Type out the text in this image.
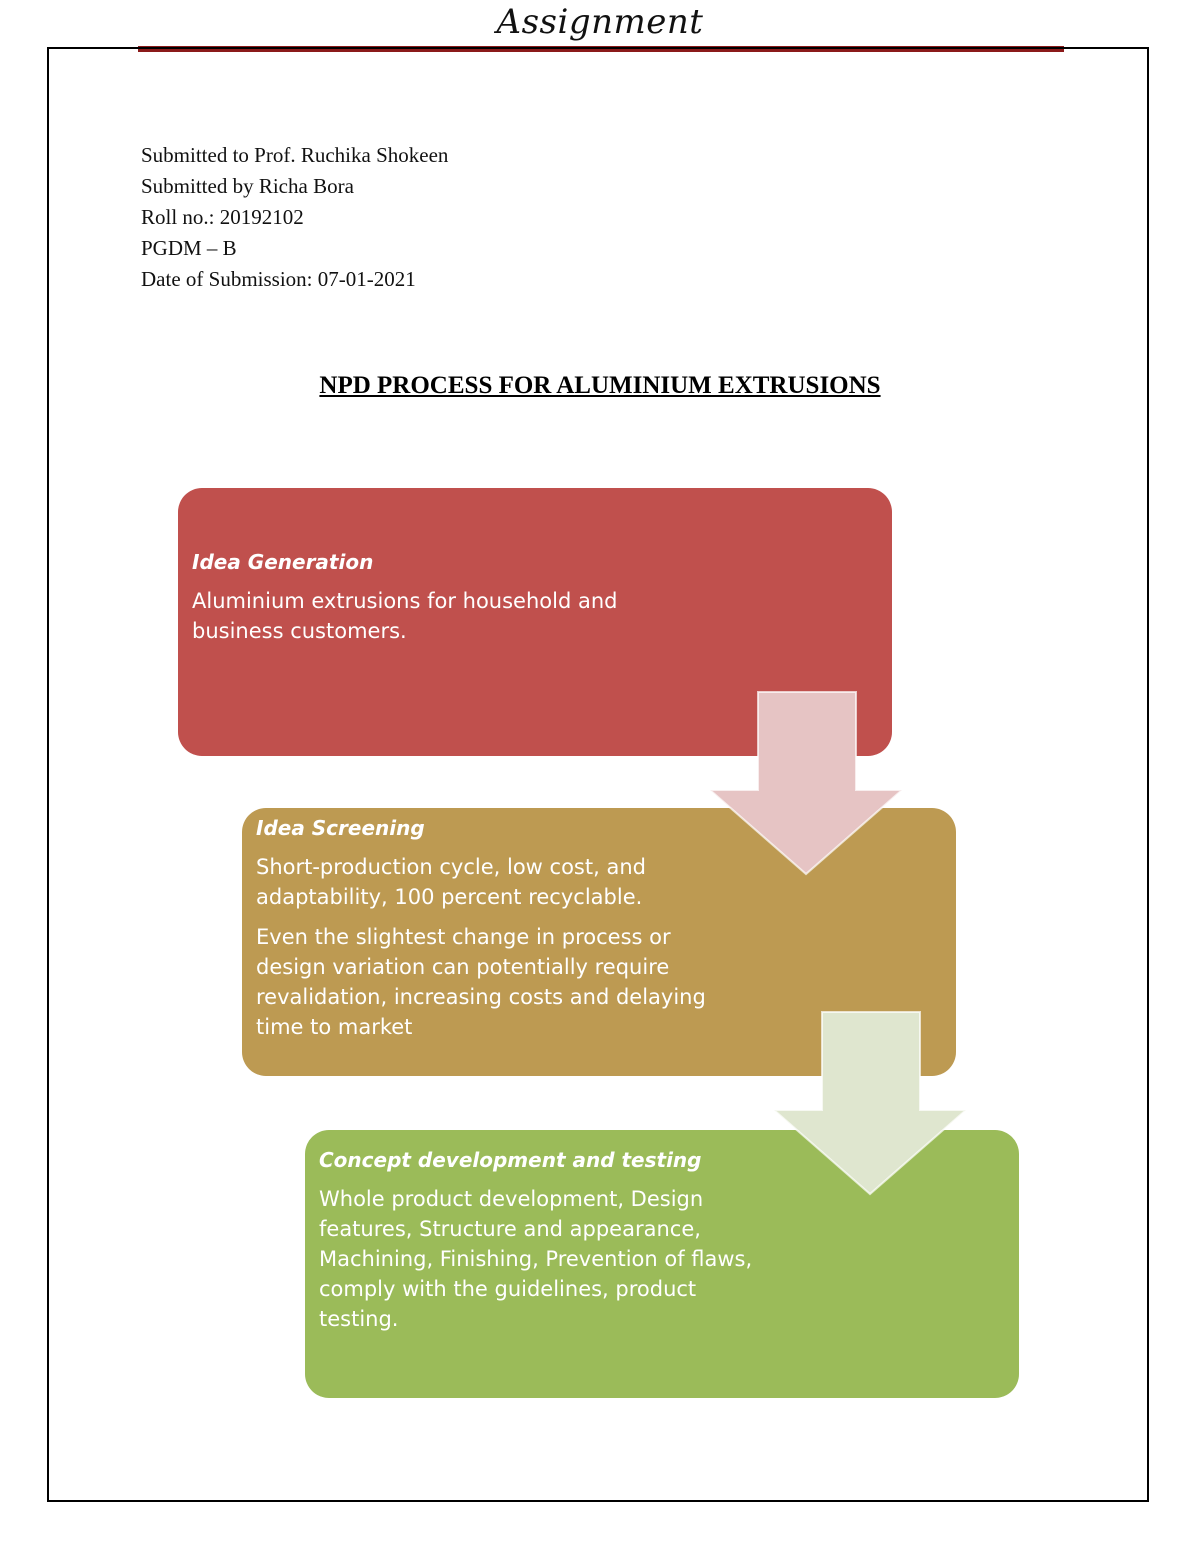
Assignment
Submitted to Prof. Ruchika Shokeen
Submitted by Richa Bora
Roll no.: 20192102
PGDM – B
Date of Submission: 07-01-2021
NPD PROCESS FOR ALUMINIUM EXTRUSIONS
Idea Generation

Aluminium extrusions for household and business customers.

Idea Screening

Short-production cycle, low cost, and adaptability, 100 percent recyclable.

Even the slightest change in process or design variation can potentially require revalidation, increasing costs and delaying time to market

Concept development and testing

Whole product development, Design features, Structure and appearance, Machining, Finishing, Prevention of flaws, comply with the guidelines, product testing.
